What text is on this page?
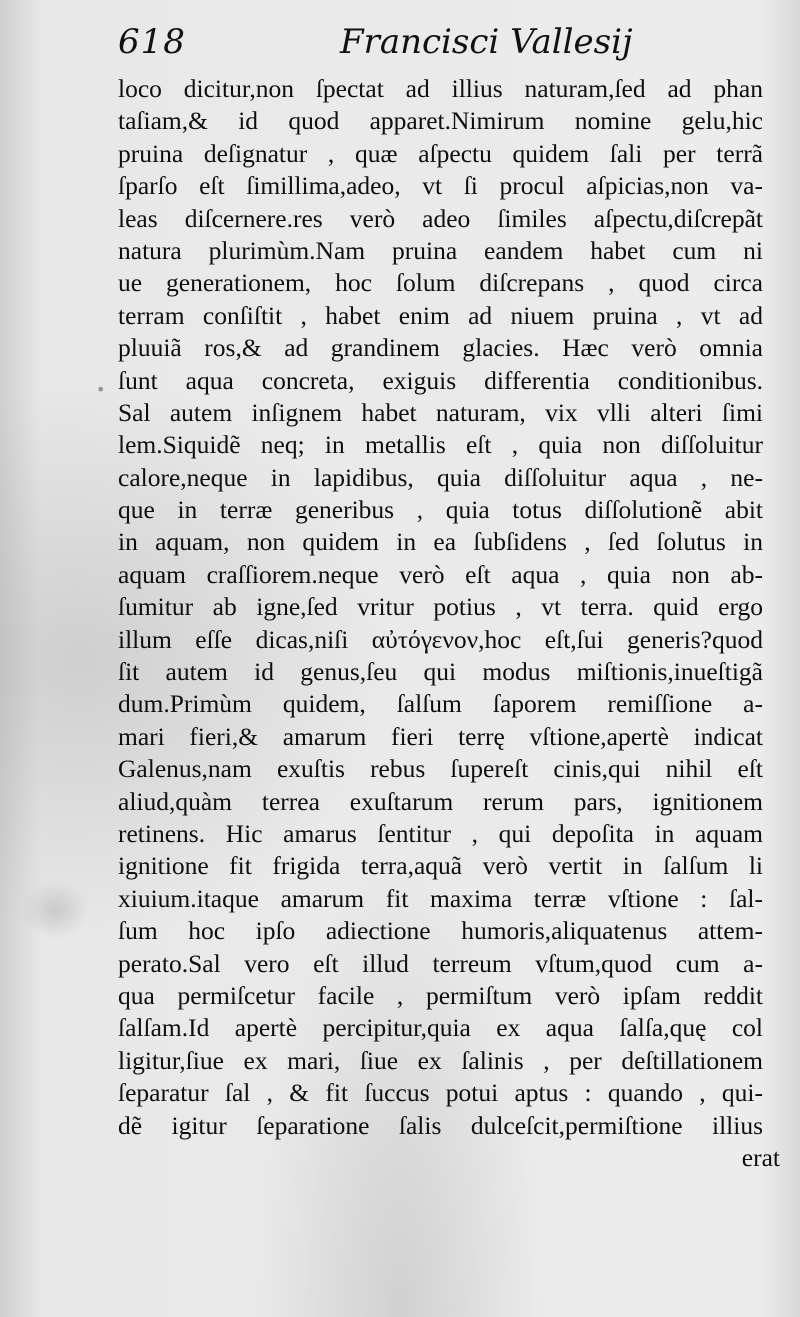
618	Francisci Vallesij
loco dicitur,non ſpectat ad illius naturam,ſed ad phan
taſiam,& id quod apparet.Nimirum nomine gelu,hic
pruina deſignatur , quæ aſpectu quidem ſali per terrã
ſparſo eſt ſimillima,adeo, vt ſi procul aſpicias,non va-
leas diſcernere.res verò adeo ſimiles aſpectu,diſcrepãt
natura plurimùm.Nam pruina eandem habet cum ni
ue generationem, hoc ſolum diſcrepans , quod circa
terram conſiſtit , habet enim ad niuem pruina , vt ad
pluuiã ros,& ad grandinem glacies. Hæc verò omnia
ſunt aqua concreta, exiguis differentia conditionibus.
Sal autem inſignem habet naturam, vix vlli alteri ſimi
lem.Siquidẽ neq; in metallis eſt , quia non diſſoluitur
calore,neque in lapidibus, quia diſſoluitur aqua , ne-
que in terræ generibus , quia totus diſſolutionẽ abit
in aquam, non quidem in ea ſubſidens , ſed ſolutus in
aquam craſſiorem.neque verò eſt aqua , quia non ab-
ſumitur ab igne,ſed vritur potius , vt terra. quid ergo
illum eſſe dicas,niſi αὐτόγενον,hoc eſt,ſui generis?quod
ſit autem id genus,ſeu qui modus miſtionis,inueſtigã
dum.Primùm quidem, ſalſum ſaporem remiſſione a-
mari fieri,& amarum fieri terrę vſtione,apertè indicat
Galenus,nam exuſtis rebus ſupereſt cinis,qui nihil eſt
aliud,quàm terrea exuſtarum rerum pars, ignitionem
retinens. Hic amarus ſentitur , qui depoſita in aquam
ignitione fit frigida terra,aquã verò vertit in ſalſum li
xiuium.itaque amarum fit maxima terræ vſtione : ſal-
ſum hoc ipſo adiectione humoris,aliquatenus attem-
perato.Sal vero eſt illud terreum vſtum,quod cum a-
qua permiſcetur facile , permiſtum verò ipſam reddit
ſalſam.Id apertè percipitur,quia ex aqua ſalſa,quę col
ligitur,ſiue ex mari, ſiue ex ſalinis , per deſtillationem
ſeparatur ſal , & fit ſuccus potui aptus : quando , qui-
dẽ igitur ſeparatione ſalis dulceſcit,permiſtione illius
erat
•
